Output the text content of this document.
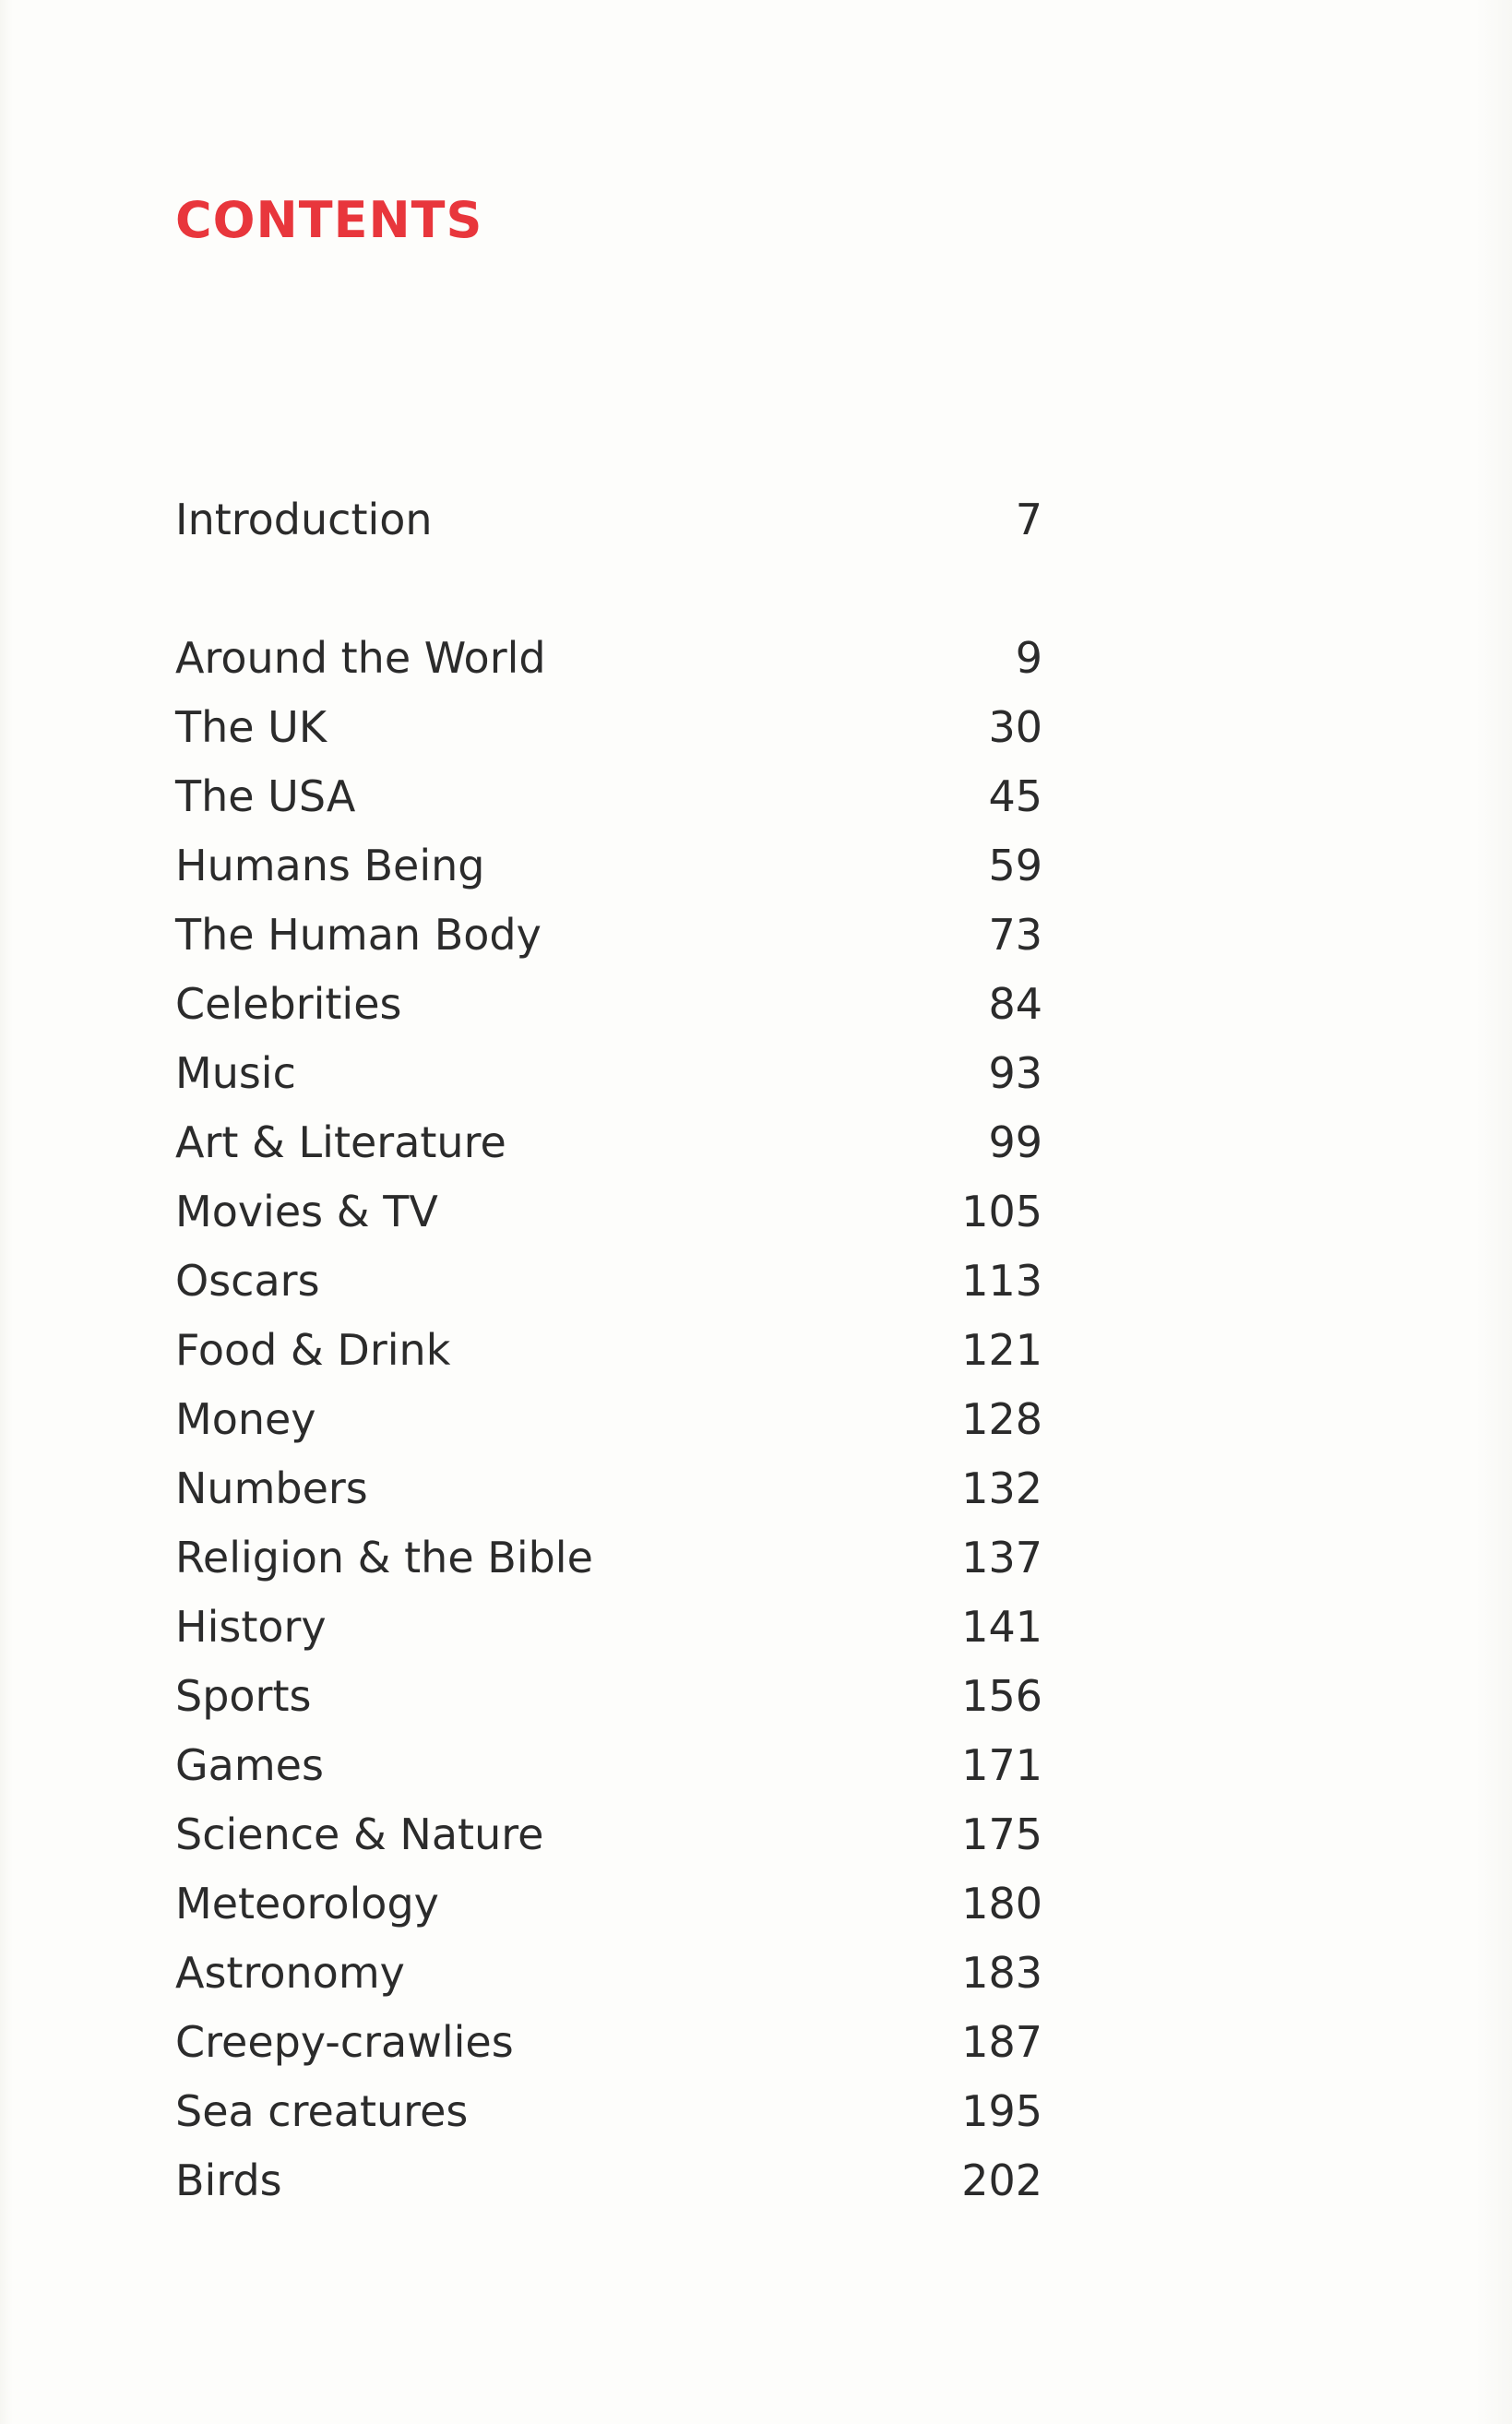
CONTENTS
Introduction	7
Around the World	9
The UK	30
The USA	45
Humans Being	59
The Human Body	73
Celebrities	84
Music	93
Art & Literature	99
Movies & TV	105
Oscars	113
Food & Drink	121
Money	128
Numbers	132
Religion & the Bible	137
History	141
Sports	156
Games	171
Science & Nature	175
Meteorology	180
Astronomy	183
Creepy-crawlies	187
Sea creatures	195
Birds	202
